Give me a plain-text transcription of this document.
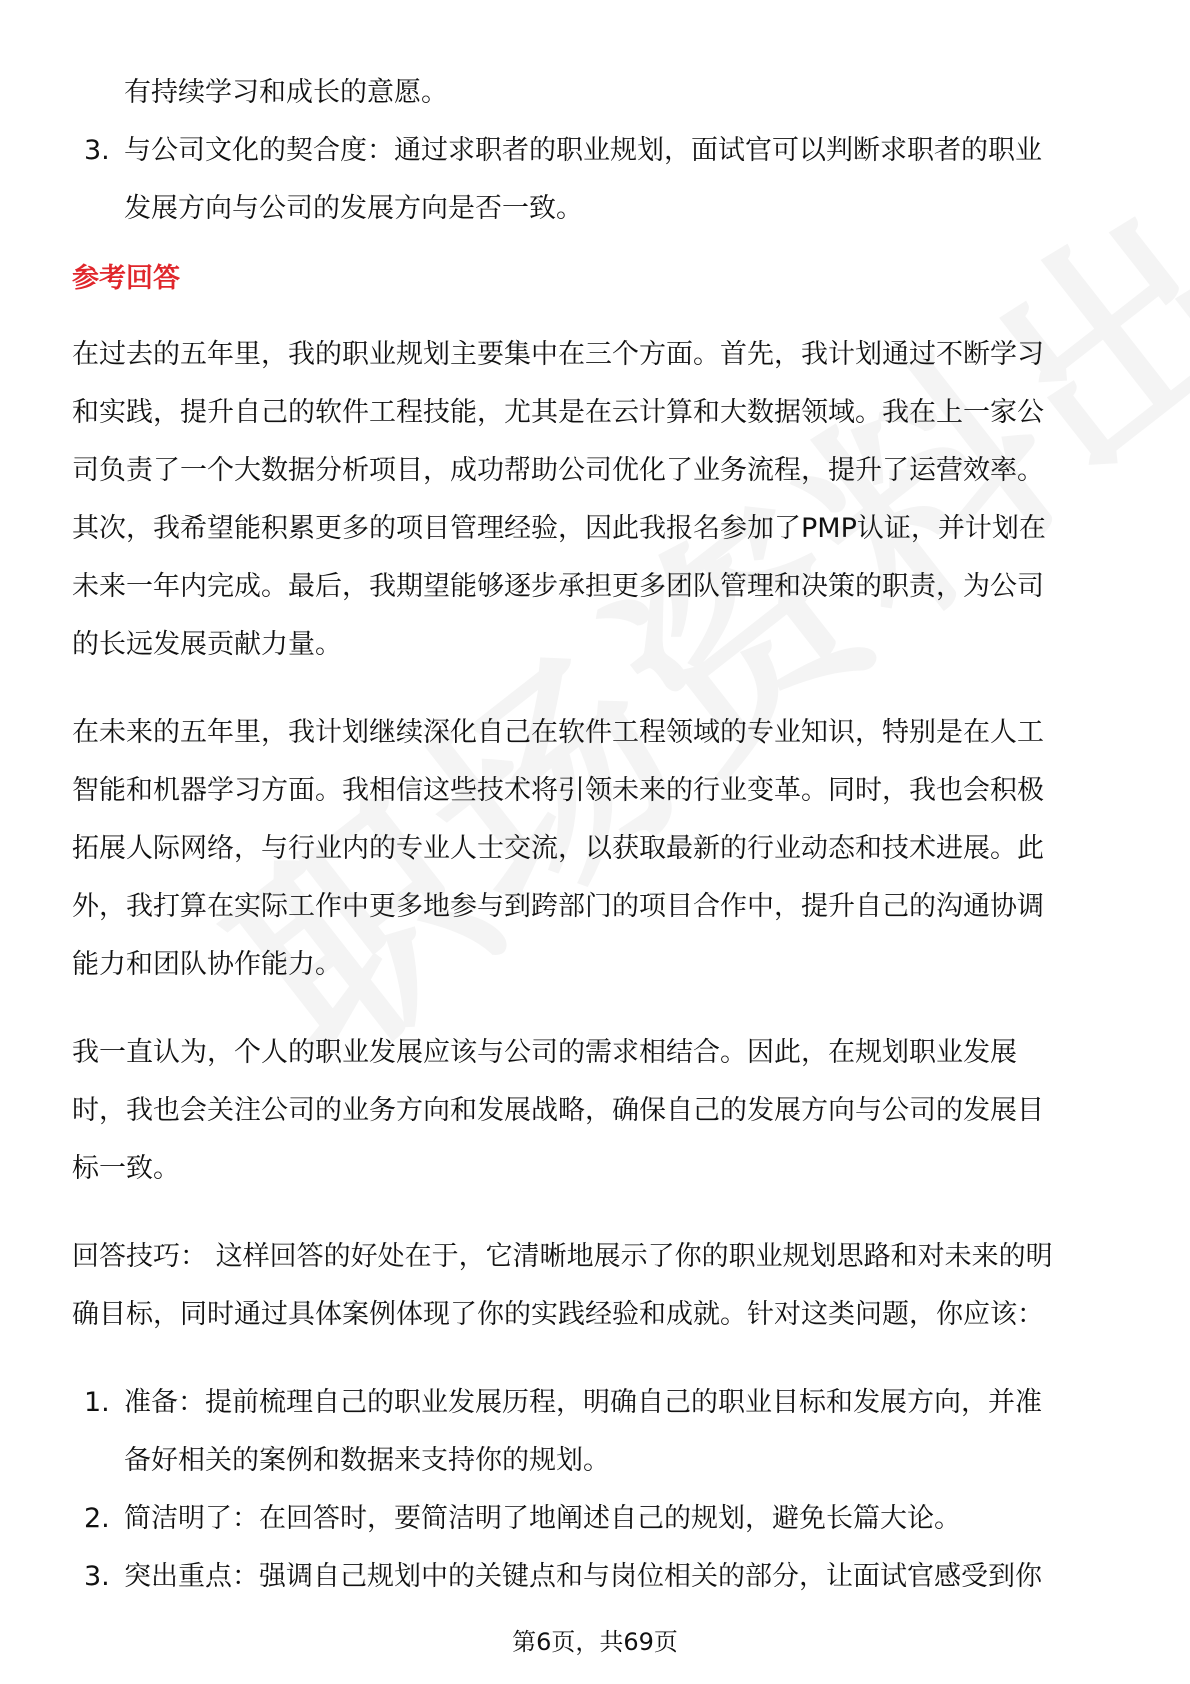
有持续学习和成长的意愿。
3. 与公司文化的契合度：通过求职者的职业规划，面试官可以判断求职者的职业
发展方向与公司的发展方向是否一致。
参考回答
在过去的五年里，我的职业规划主要集中在三个方面。首先，我计划通过不断学习
和实践，提升自己的软件工程技能，尤其是在云计算和大数据领域。我在上一家公
司负责了一个大数据分析项目，成功帮助公司优化了业务流程，提升了运营效率。
其次，我希望能积累更多的项目管理经验，因此我报名参加了PMP认证，并计划在
未来一年内完成。最后，我期望能够逐步承担更多团队管理和决策的职责，为公司
的长远发展贡献力量。
在未来的五年里，我计划继续深化自己在软件工程领域的专业知识，特别是在人工
智能和机器学习方面。我相信这些技术将引领未来的行业变革。同时，我也会积极
拓展人际网络，与行业内的专业人士交流，以获取最新的行业动态和技术进展。此
外，我打算在实际工作中更多地参与到跨部门的项目合作中，提升自己的沟通协调
能力和团队协作能力。
我一直认为，个人的职业发展应该与公司的需求相结合。因此，在规划职业发展
时，我也会关注公司的业务方向和发展战略，确保自己的发展方向与公司的发展目
标一致。
回答技巧： 这样回答的好处在于，它清晰地展示了你的职业规划思路和对未来的明
确目标，同时通过具体案例体现了你的实践经验和成就。针对这类问题，你应该：
1. 准备：提前梳理自己的职业发展历程，明确自己的职业目标和发展方向，并准
备好相关的案例和数据来支持你的规划。
2. 简洁明了：在回答时，要简洁明了地阐述自己的规划，避免长篇大论。
3. 突出重点：强调自己规划中的关键点和与岗位相关的部分，让面试官感受到你
第6页，共69页
